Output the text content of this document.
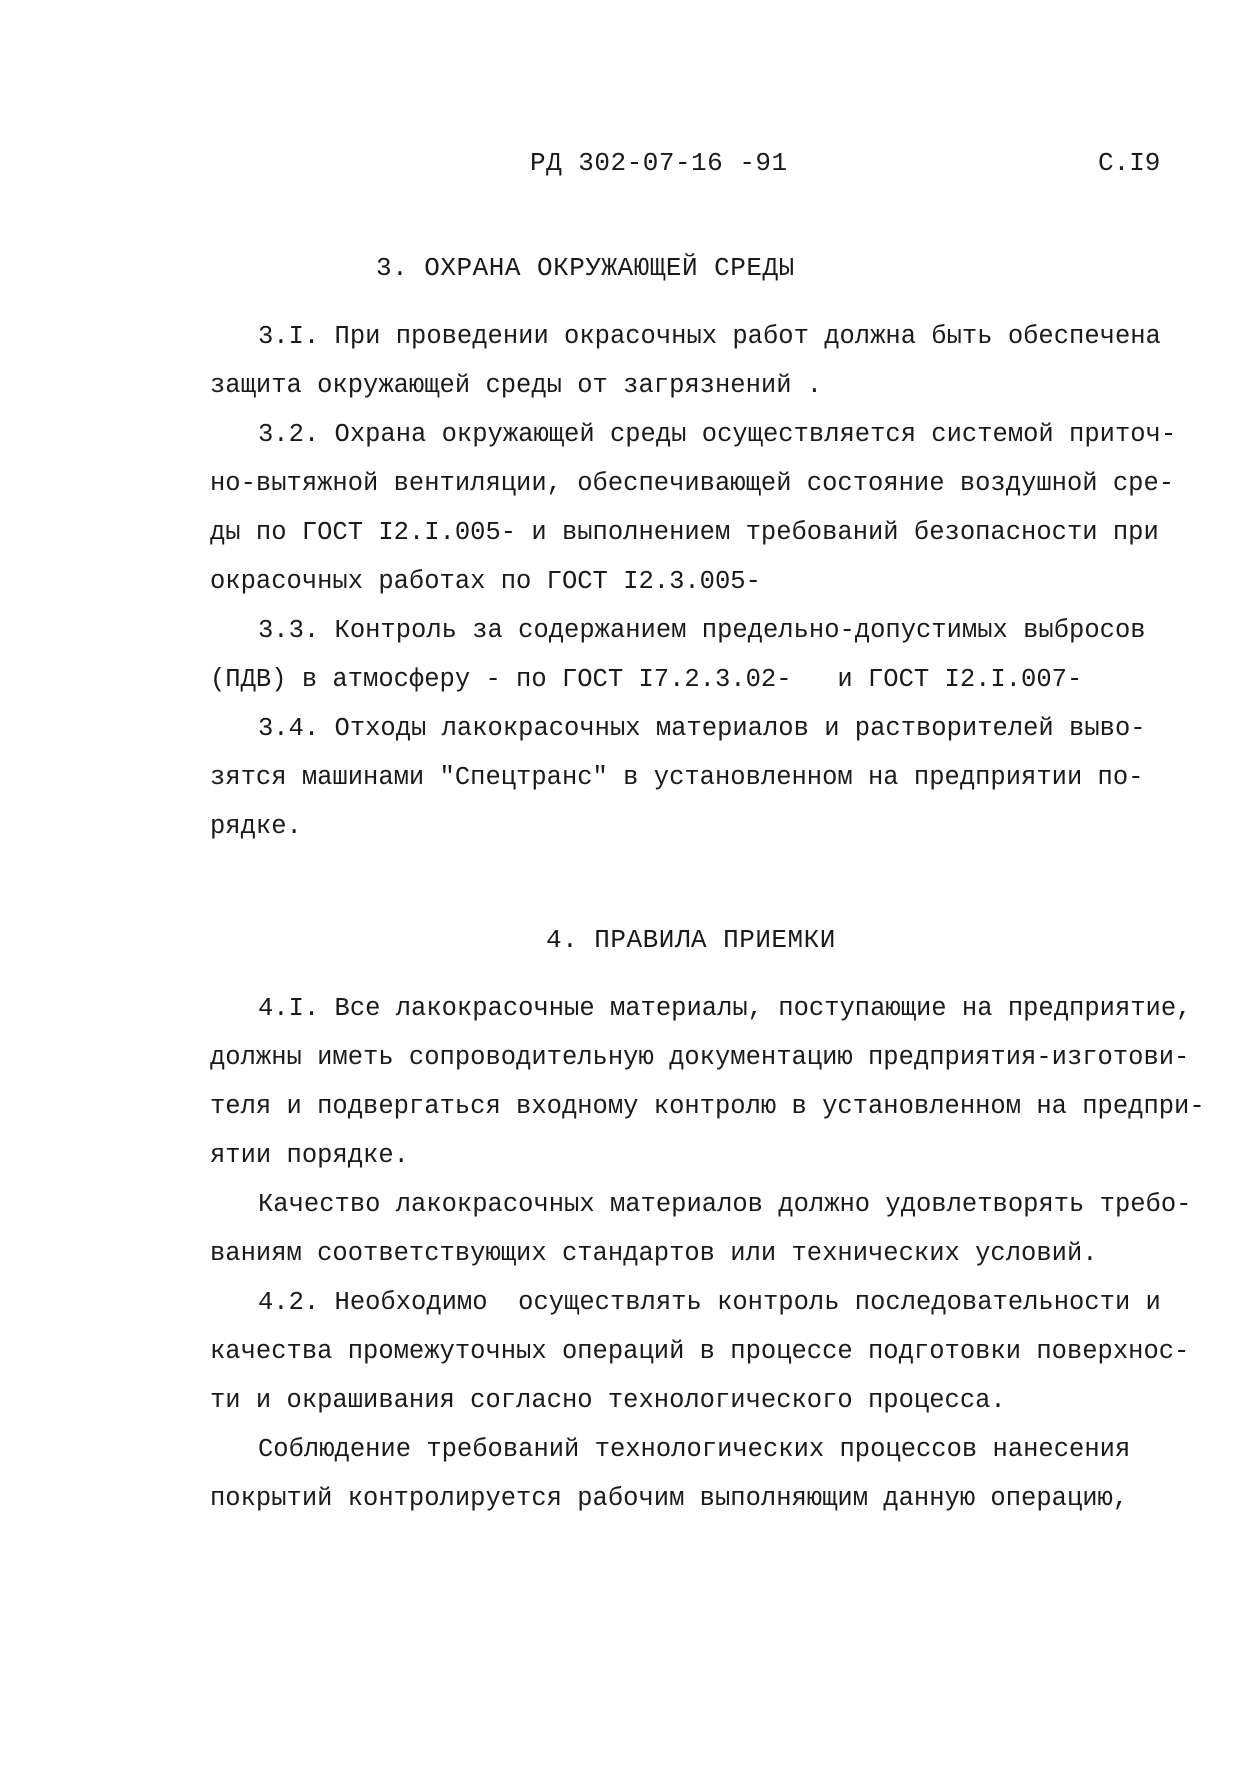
РД 302-07-16 -91	С.I9
3. ОХРАНА ОКРУЖАЮЩЕЙ СРЕДЫ
3.I. При проведении окрасочных работ должна быть обеспечена
защита окружающей среды от загрязнений .
3.2. Охрана окружающей среды осуществляется системой приточ-
но-вытяжной вентиляции, обеспечивающей состояние воздушной сре-
ды по ГОСТ I2.I.005- и выполнением требований безопасности при
окрасочных работах по ГОСТ I2.3.005-
3.3. Контроль за содержанием предельно-допустимых выбросов
(ПДВ) в атмосферу - по ГОСТ I7.2.3.02-   и ГОСТ I2.I.007-
3.4. Отходы лакокрасочных материалов и растворителей выво-
зятся машинами "Спецтранс" в установленном на предприятии по-
рядке.
4. ПРАВИЛА ПРИЕМКИ
4.I. Все лакокрасочные материалы, поступающие на предприятие,
должны иметь сопроводительную документацию предприятия-изготови-
теля и подвергаться входному контролю в установленном на предпри-
ятии порядке.
Качество лакокрасочных материалов должно удовлетворять требо-
ваниям соответствующих стандартов или технических условий.
4.2. Необходимо  осуществлять контроль последовательности и
качества промежуточных операций в процессе подготовки поверхнос-
ти и окрашивания согласно технологического процесса.
Соблюдение требований технологических процессов нанесения
покрытий контролируется рабочим выполняющим данную операцию,
